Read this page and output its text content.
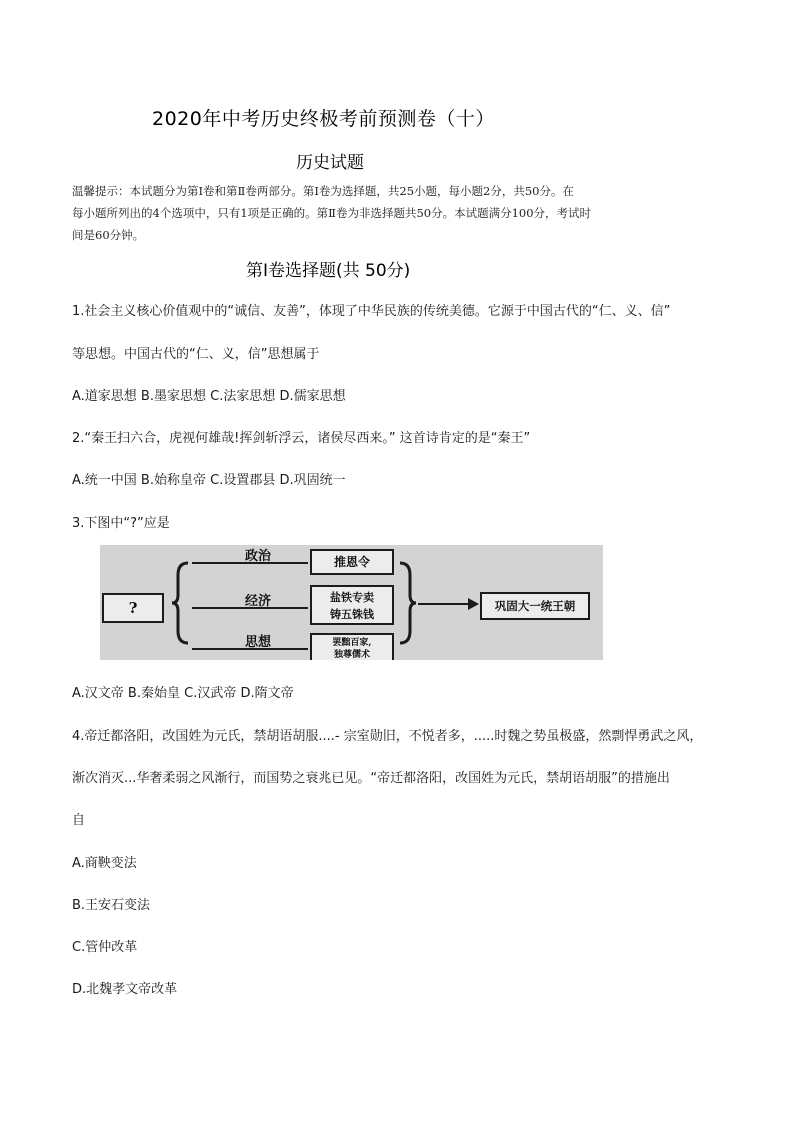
2020年中考历史终极考前预测卷（十）
历史试题
温馨提示：本试题分为第Ⅰ卷和第Ⅱ卷两部分。第Ⅰ卷为选择题，共25小题，每小题2分，共50分。在
每小题所列出的4个选项中，只有1项是正确的。第Ⅱ卷为非选择题共50分。本试题满分100分，考试时
间是60分钟。
第Ⅰ卷选择题(共 50分)
1.社会主义核心价值观中的“诚信、友善”，体现了中华民族的传统美德。它源于中国古代的“仁、义、信”
等思想。中国古代的“仁、义，信”思想属于
A.道家思想 B.墨家思想 C.法家思想 D.儒家思想
2.“秦王扫六合，虎视何雄哉!挥剑斩浮云，诸侯尽西来。” 这首诗肯定的是“秦王”
A.统一中国 B.始称皇帝 C.设置郡县 D.巩固统一
3.下图中“?”应是
?
政治
经济
思想
推恩令
盐铁专卖
铸五铢钱
罢黜百家,
独尊儒术
巩固大一统王朝
A.汉文帝 B.秦始皇 C.汉武帝 D.隋文帝
4.帝迁都洛阳，改国姓为元氏，禁胡语胡服....- 宗室勋旧，不悦者多，.....时魏之势虽极盛，然剽悍勇武之风，
渐次消灭...华奢柔弱之风渐行，而国势之衰兆已见。“帝迁都洛阳，改国姓为元氏，禁胡语胡服”的措施出
自
A.商鞅变法
B.王安石变法
C.管仲改革
D.北魏孝文帝改革
